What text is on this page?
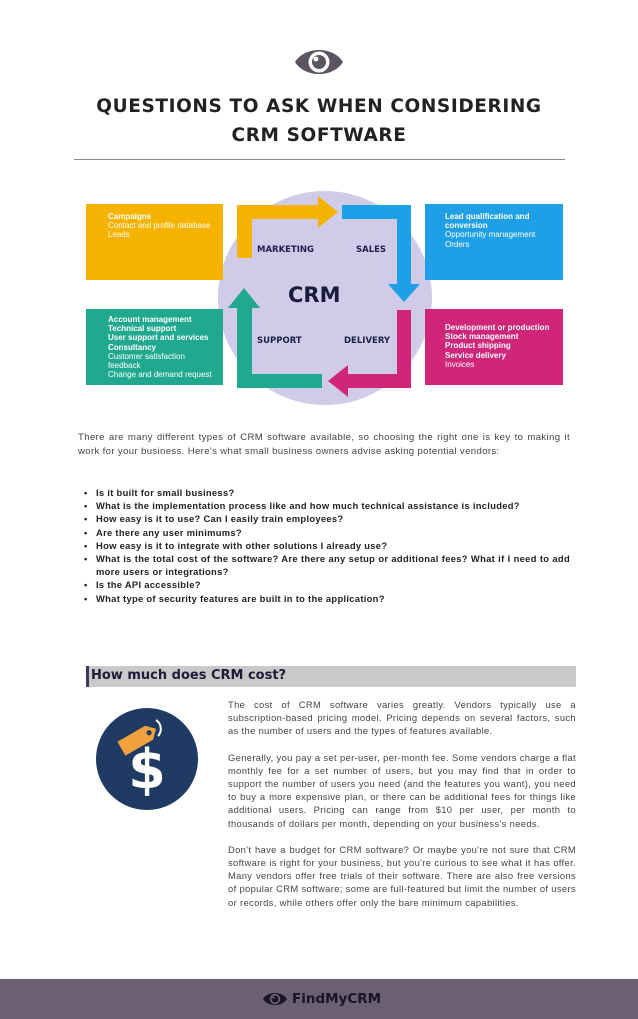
QUESTIONS TO ASK WHEN CONSIDERING
CRM SOFTWARE
Campaigns
Contact and profile database
Leads
Lead qualification and
conversion
Opportunity management
Orders
Account management
Technical support
User support and services
Consultancy
Customer satisfaction
feedback
Change and demand request
Development or production
Stock management
Product shipping
Service delivery
Invoices
MARKETING	SALES
SUPPORT	DELIVERY
CRM

There are many different types of CRM software available, so choosing the right one is key to making it work for your business. Here's what small business owners advise asking potential vendors:

• Is it built for small business?
• What is the implementation process like and how much technical assistance is included?
• How easy is it to use? Can I easily train employees?
• Are there any user minimums?
• How easy is it to integrate with other solutions I already use?
• What is the total cost of the software? Are there any setup or additional fees? What if I need to add more users or integrations?
• Is the API accessible?
• What type of security features are built in to the application?
How much does CRM cost?
$

The cost of CRM software varies greatly. Vendors typically use a subscription-based pricing model. Pricing depends on several factors, such as the number of users and the types of features available.

Generally, you pay a set per-user, per-month fee. Some vendors charge a flat monthly fee for a set number of users, but you may find that in order to support the number of users you need (and the features you want), you need to buy a more expensive plan, or there can be additional fees for things like additional users. Pricing can range from $10 per user, per month to thousands of dollars per month, depending on your business's needs.

Don't have a budget for CRM software? Or maybe you're not sure that CRM software is right for your business, but you're curious to see what it has offer. Many vendors offer free trials of their software. There are also free versions of popular CRM software; some are full-featured but limit the number of users or records, while others offer only the bare minimum capabilities.

FindMyCRM
